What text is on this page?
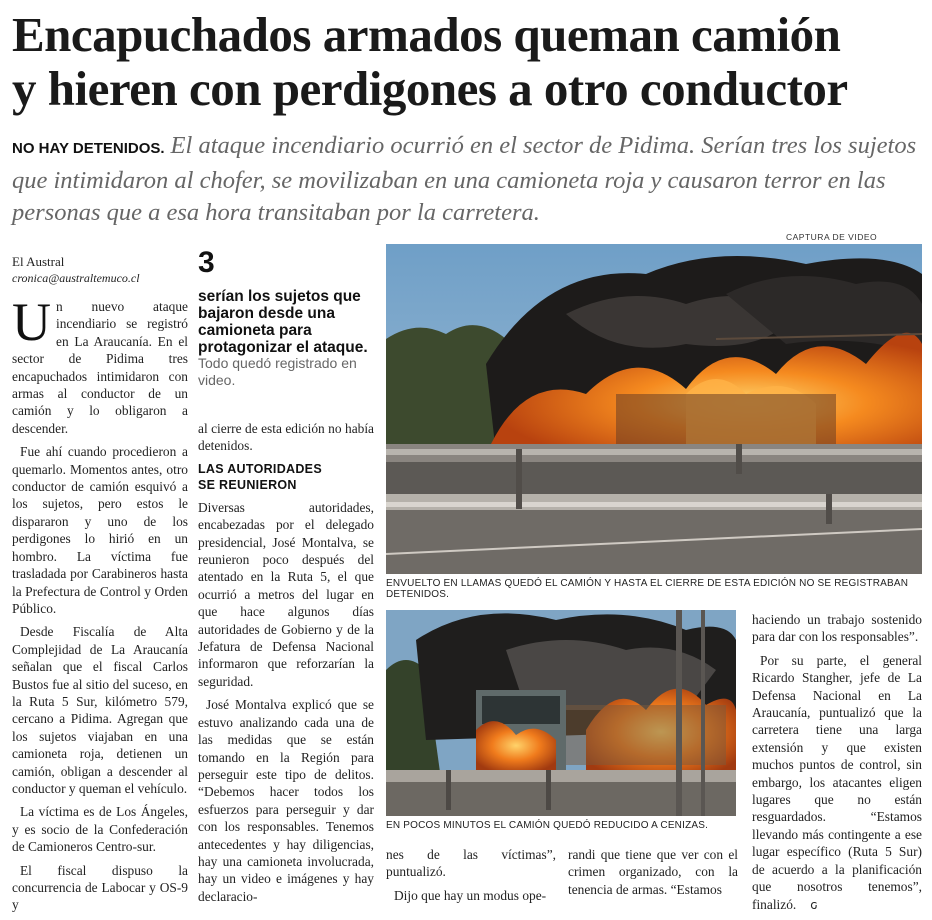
Encapuchados armados queman camión
y hieren con perdigones a otro conductor
NO HAY DETENIDOS. El ataque incendiario ocurrió en el sector de Pidima. Serían tres los sujetos que intimidaron al chofer, se movilizaban en una camioneta roja y causaron terror en las personas que a esa hora transitaban por la carretera.
El Austral
cronica@australtemuco.cl

Un nuevo ataque incendiario se registró en La Araucanía. En el sector de Pidima tres encapuchados intimidaron con armas al conductor de un camión y lo obligaron a descender.

Fue ahí cuando procedieron a quemarlo. Momentos antes, otro conductor de camión esquivó a los sujetos, pero estos le dispararon y uno de los perdigones lo hirió en un hombro. La víctima fue trasladada por Carabineros hasta la Prefectura de Control y Orden Público.

Desde Fiscalía de Alta Complejidad de La Araucanía señalan que el fiscal Carlos Bustos fue al sitio del suceso, en la Ruta 5 Sur, kilómetro 579, cercano a Pidima. Agregan que los sujetos viajaban en una camioneta roja, detienen un camión, obligan a descender al conductor y queman el vehículo.

La víctima es de Los Ángeles, y es socio de la Confederación de Camioneros Centro-sur.

El fiscal dispuso la concurrencia de Labocar y OS-9 y

3
serían los sujetos que bajaron desde una camioneta para protagonizar el ataque.
Todo quedó registrado en video.

al cierre de esta edición no había detenidos.

LAS AUTORIDADES
SE REUNIERON

Diversas autoridades, encabezadas por el delegado presidencial, José Montalva, se reunieron poco después del atentado en la Ruta 5, el que ocurrió a metros del lugar en que hace algunos días autoridades de Gobierno y de la Jefatura de Defensa Nacional informaron que reforzarían la seguridad.

José Montalva explicó que se estuvo analizando cada una de las medidas que se están tomando en la Región para perseguir este tipo de delitos. “Debemos hacer todos los esfuerzos para perseguir y dar con los responsables. Tenemos antecedentes y hay diligencias, hay una camioneta involucrada, hay un video e imágenes y hay declaracio-

CAPTURA DE VIDEO
ENVUELTO EN LLAMAS QUEDÓ EL CAMIÓN Y HASTA EL CIERRE DE ESTA EDICIÓN NO SE REGISTRABAN DETENIDOS.
EN POCOS MINUTOS EL CAMIÓN QUEDÓ REDUCIDO A CENIZAS.

nes de las víctimas”, puntualizó.

Dijo que hay un modus ope-

randi que tiene que ver con el crimen organizado, con la tenencia de armas. “Estamos

haciendo un trabajo sostenido para dar con los responsables”.

Por su parte, el general Ricardo Stangher, jefe de La Defensa Nacional en La Araucanía, puntualizó que la carretera tiene una larga extensión y que existen muchos puntos de control, sin embargo, los atacantes eligen lugares que no están resguardados. “Estamos llevando más contingente a ese lugar específico (Ruta 5 Sur) de acuerdo a la planificación que nosotros tenemos”, finalizó. ԍ
